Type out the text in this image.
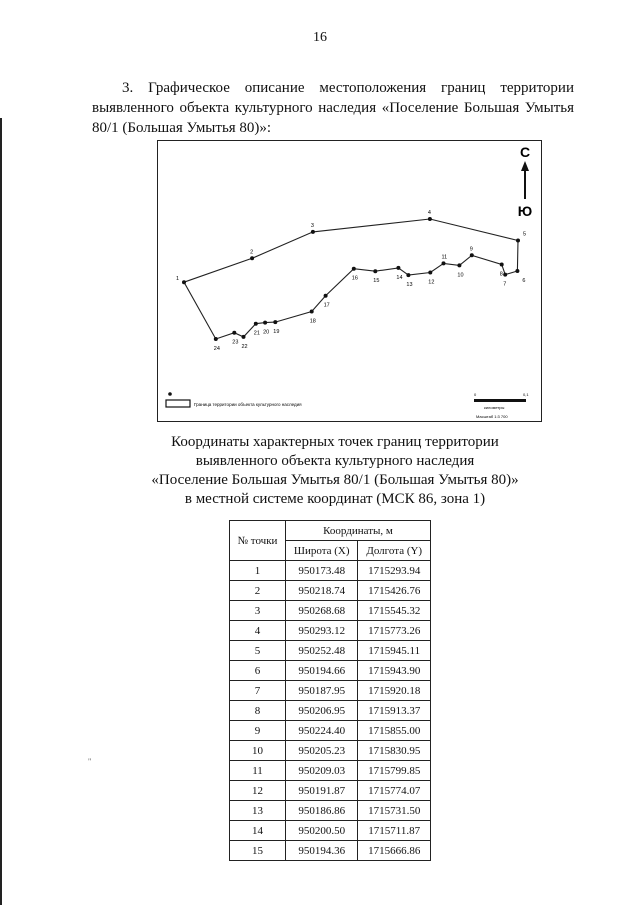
16
3. Графическое описание местоположения границ территории выявленного объекта культурного наследия «Поселение Большая Умытья 80/1 (Большая Умытья 80)»:
1
2
3
4
5
6
7
8
9
10
11
12
13
14
15
16
17
18
19
20
21
22
23
24
С
Ю
Граница территории объекта культурного наследия
0	0,1
километры
Масштаб 1:3 700
Координаты характерных точек границ территории
выявленного объекта культурного наследия
«Поселение Большая Умытья 80/1 (Большая Умытья 80)»
в местной системе координат (МСК 86, зона 1)
№ точки	Координаты, м	
	Широта (X)	Долгота (Y)
1	950173.48	1715293.94
2	950218.74	1715426.76
3	950268.68	1715545.32
4	950293.12	1715773.26
5	950252.48	1715945.11
6	950194.66	1715943.90
7	950187.95	1715920.18
8	950206.95	1715913.37
9	950224.40	1715855.00
10	950205.23	1715830.95
11	950209.03	1715799.85
12	950191.87	1715774.07
13	950186.86	1715731.50
14	950200.50	1715711.87
15	950194.36	1715666.86
"
